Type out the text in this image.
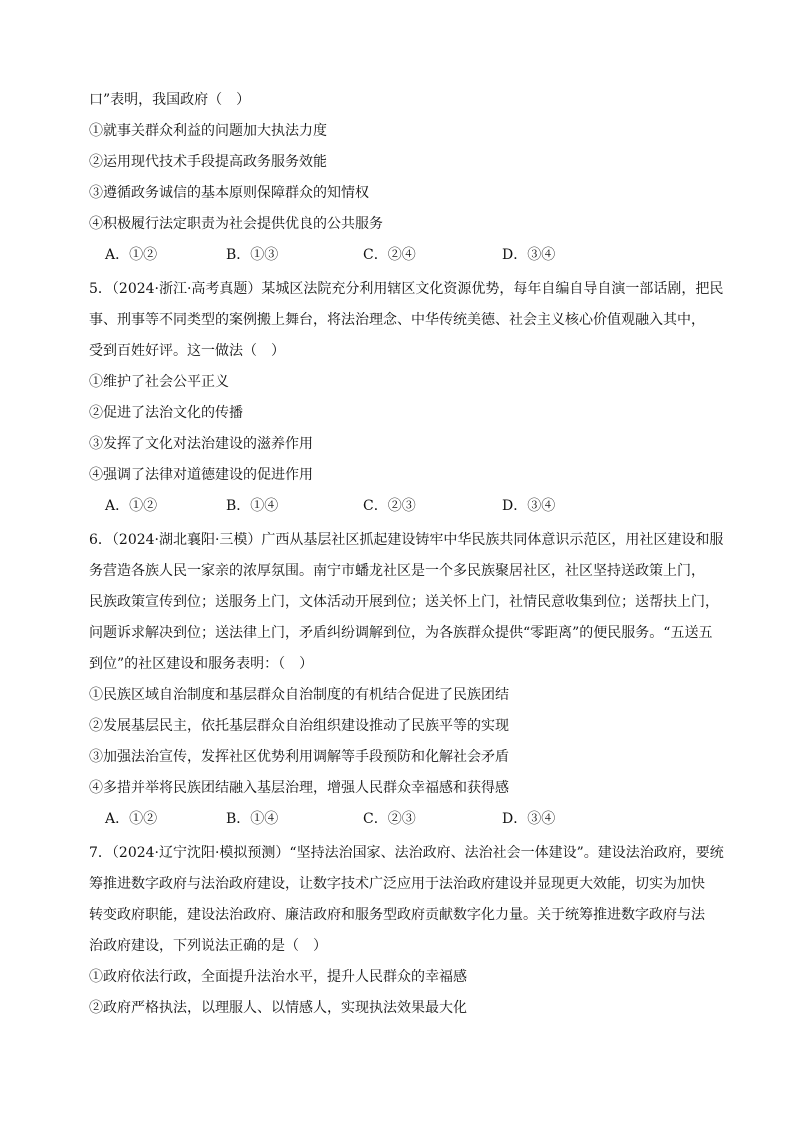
口”表明，我国政府（　）
①就事关群众利益的问题加大执法力度
②运用现代技术手段提高政务服务效能
③遵循政务诚信的基本原则保障群众的知情权
④积极履行法定职责为社会提供优良的公共服务
A．①②	B．①③	C．②④	D．③④
5．（2024·浙江·高考真题）某城区法院充分利用辖区文化资源优势，每年自编自导自演一部话剧，把民
事、刑事等不同类型的案例搬上舞台，将法治理念、中华传统美德、社会主义核心价值观融入其中，
受到百姓好评。这一做法（　）
①维护了社会公平正义
②促进了法治文化的传播
③发挥了文化对法治建设的滋养作用
④强调了法律对道德建设的促进作用
A．①②	B．①④	C．②③	D．③④
6．（2024·湖北襄阳·三模）广西从基层社区抓起建设铸牢中华民族共同体意识示范区，用社区建设和服
务营造各族人民一家亲的浓厚氛围。南宁市蟠龙社区是一个多民族聚居社区，社区坚持送政策上门，
民族政策宣传到位；送服务上门，文体活动开展到位；送关怀上门，社情民意收集到位；送帮扶上门，
问题诉求解决到位；送法律上门，矛盾纠纷调解到位，为各族群众提供“零距离”的便民服务。“五送五
到位”的社区建设和服务表明：（　）
①民族区域自治制度和基层群众自治制度的有机结合促进了民族团结
②发展基层民主，依托基层群众自治组织建设推动了民族平等的实现
③加强法治宣传，发挥社区优势利用调解等手段预防和化解社会矛盾
④多措并举将民族团结融入基层治理，增强人民群众幸福感和获得感
A．①②	B．①④	C．②③	D．③④
7．（2024·辽宁沈阳·模拟预测）“坚持法治国家、法治政府、法治社会一体建设”。建设法治政府，要统
筹推进数字政府与法治政府建设，让数字技术广泛应用于法治政府建设并显现更大效能，切实为加快
转变政府职能，建设法治政府、廉洁政府和服务型政府贡献数字化力量。关于统筹推进数字政府与法
治政府建设，下列说法正确的是（　）
①政府依法行政，全面提升法治水平，提升人民群众的幸福感
②政府严格执法，以理服人、以情感人，实现执法效果最大化
